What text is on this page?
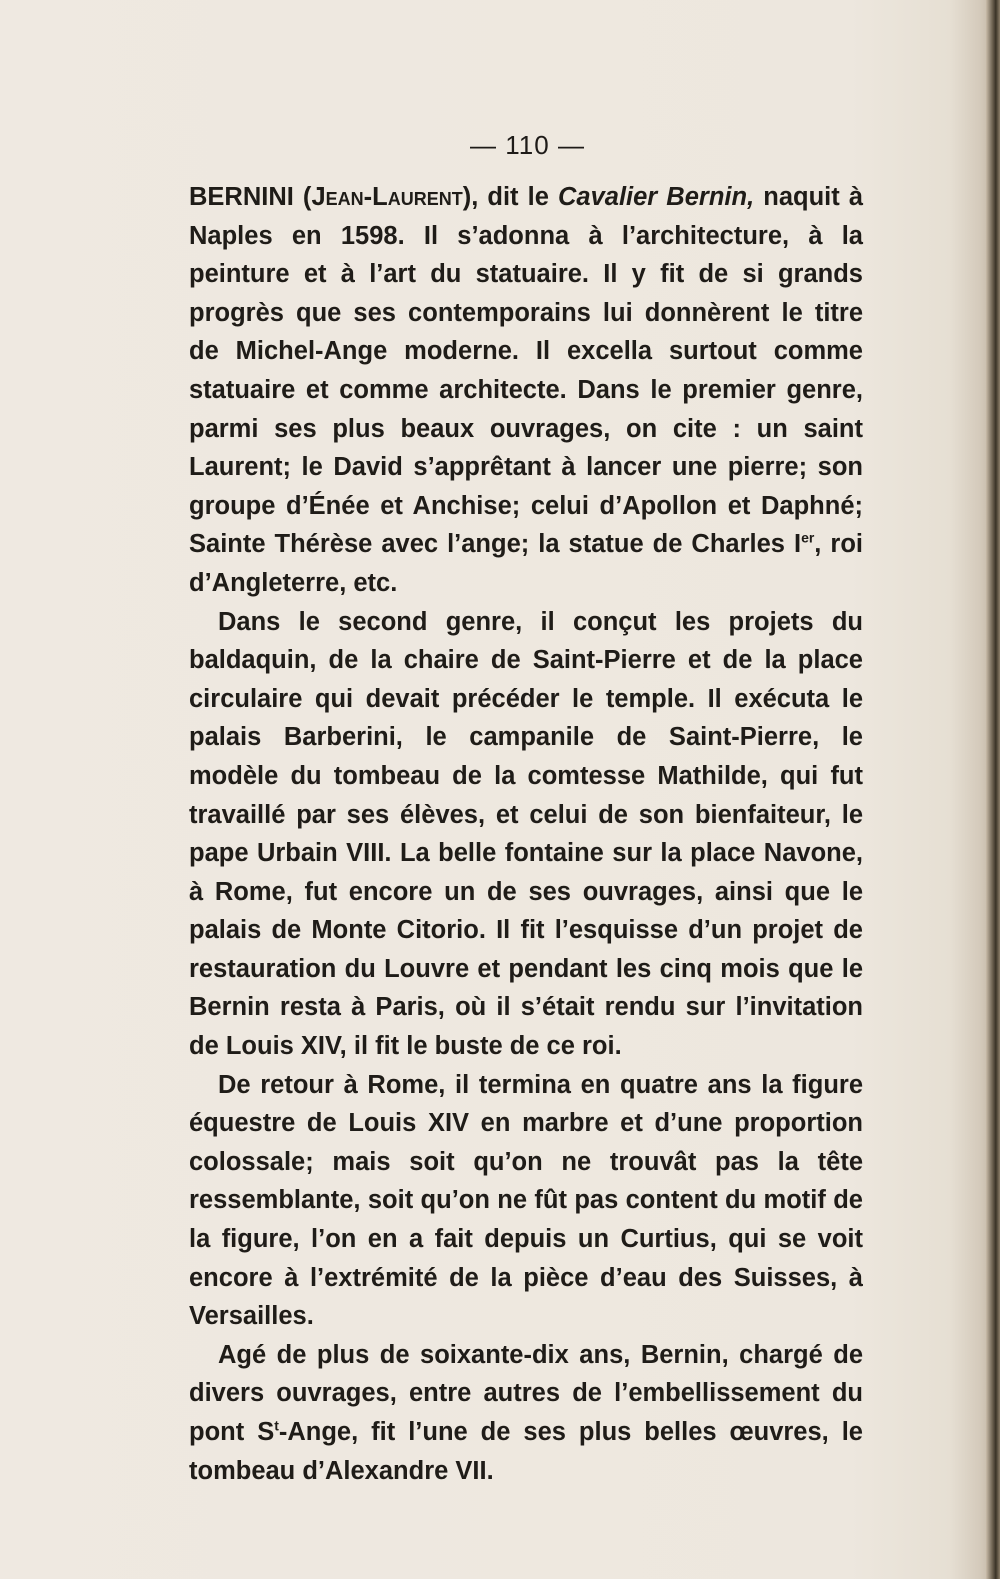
— 110 —

BERNINI (Jean-Laurent), dit le Cavalier Bernin, naquit à Naples en 1598. Il s’adonna à l’architecture, à la peinture et à l’art du statuaire. Il y fit de si grands progrès que ses contemporains lui donnèrent le titre de Michel-Ange moderne. Il excella surtout comme statuaire et comme architecte. Dans le premier genre, parmi ses plus beaux ouvrages, on cite : un saint Laurent; le David s’apprêtant à lancer une pierre; son groupe d’Énée et Anchise; celui d’Apollon et Daphné; Sainte Thérèse avec l’ange; la statue de Charles Ier, roi d’Angleterre, etc.

Dans le second genre, il conçut les projets du baldaquin, de la chaire de Saint-Pierre et de la place circulaire qui devait précéder le temple. Il exécuta le palais Barberini, le campanile de Saint-Pierre, le modèle du tombeau de la comtesse Mathilde, qui fut travaillé par ses élèves, et celui de son bienfaiteur, le pape Urbain VIII. La belle fontaine sur la place Navone, à Rome, fut encore un de ses ouvrages, ainsi que le palais de Monte Citorio. Il fit l’esquisse d’un projet de restauration du Louvre et pendant les cinq mois que le Bernin resta à Paris, où il s’était rendu sur l’invitation de Louis XIV, il fit le buste de ce roi.

De retour à Rome, il termina en quatre ans la figure équestre de Louis XIV en marbre et d’une proportion colossale; mais soit qu’on ne trouvât pas la tête ressemblante, soit qu’on ne fût pas content du motif de la figure, l’on en a fait depuis un Curtius, qui se voit encore à l’extrémité de la pièce d’eau des Suisses, à Versailles.

Agé de plus de soixante-dix ans, Bernin, chargé de divers ouvrages, entre autres de l’embellissement du pont $S^t$-Ange, fit l’une de ses plus belles œuvres, le tombeau d’Alexandre VII.
